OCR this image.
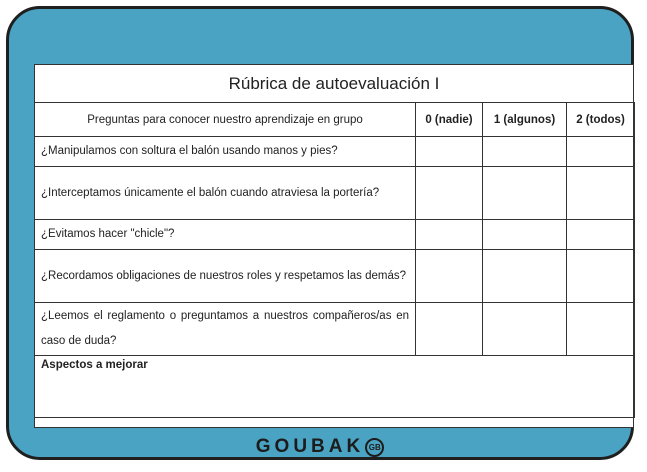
Rúbrica de autoevaluación I
Preguntas para conocer nuestro aprendizaje en grupo	0 (nadie)	1 (algunos)	2 (todos)
¿Manipulamos con soltura el balón usando manos y pies?			
¿Interceptamos únicamente el balón cuando atraviesa la portería?			
¿Evitamos hacer "chicle"?			
¿Recordamos obligaciones de nuestros roles y respetamos las demás?			
¿Leemos el reglamento o preguntamos a nuestros compañeros/as en caso de duda?			
Aspectos a mejorar			
GOUBAK GB
